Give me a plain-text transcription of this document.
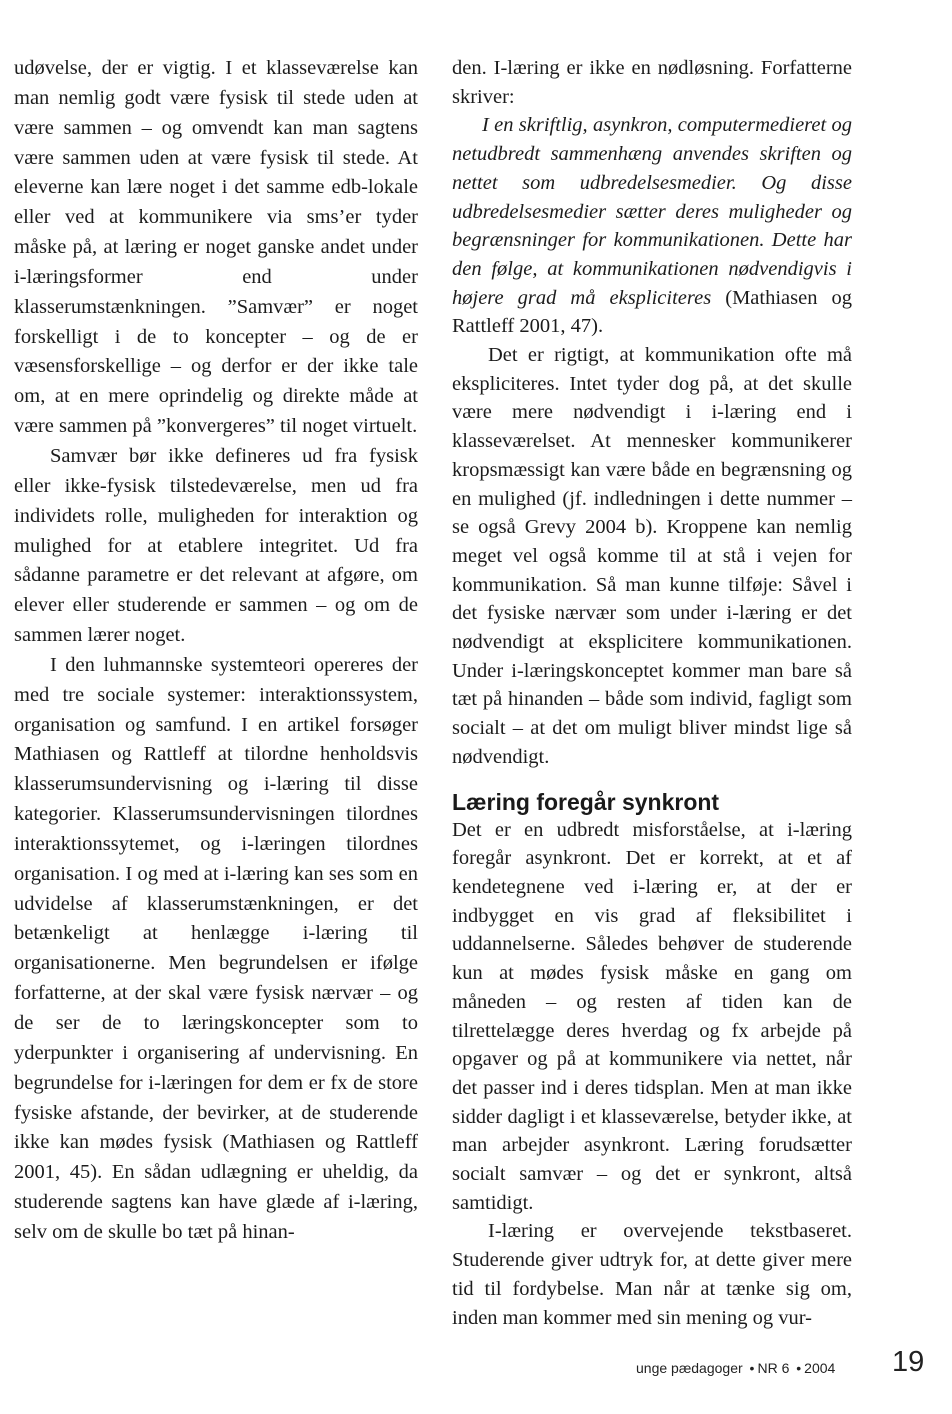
udøvelse, der er vigtig. I et klasseværelse kan man nemlig godt være fysisk til stede uden at være sammen – og omvendt kan man sagtens være sammen uden at være fysisk til stede. At eleverne kan lære noget i det samme edb-lokale eller ved at kommunikere via sms’er tyder måske på, at læring er noget ganske andet under i-læringsformer end under klasserumstænkningen. ”Samvær” er noget forskelligt i de to koncepter – og de er væsensforskellige – og derfor er der ikke tale om, at en mere oprindelig og direkte måde at være sammen på ”konvergeres” til noget virtuelt.

Samvær bør ikke defineres ud fra fysisk eller ikke-fysisk tilstedeværelse, men ud fra individets rolle, muligheden for interaktion og mulighed for at etablere integritet. Ud fra sådanne parametre er det relevant at afgøre, om elever eller studerende er sammen – og om de sammen lærer noget.

I den luhmannske systemteori opereres der med tre sociale systemer: interaktionssystem, organisation og samfund. I en artikel forsøger Mathiasen og Rattleff at tilordne henholdsvis klasserumsundervisning og i-læring til disse kategorier. Klasserumsundervisningen tilordnes interaktionssytemet, og i-læringen tilordnes organisation. I og med at i-læring kan ses som en udvidelse af klasserumstænkningen, er det betænkeligt at henlægge i-læring til organisationerne. Men begrundelsen er ifølge forfatterne, at der skal være fysisk nærvær – og de ser de to læringskoncepter som to yderpunkter i organisering af undervisning. En begrundelse for i-læringen for dem er fx de store fysiske afstande, der bevirker, at de studerende ikke kan mødes fysisk (Mathiasen og Rattleff 2001, 45). En sådan udlægning er uheldig, da studerende sagtens kan have glæde af i-læring, selv om de skulle bo tæt på hinan-

den. I-læring er ikke en nødløsning. Forfatterne skriver:

I en skriftlig, asynkron, computermedieret og netudbredt sammenhæng anvendes skriften og nettet som udbredelsesmedier. Og disse udbredelsesmedier sætter deres muligheder og begrænsninger for kommunikationen. Dette har den følge, at kommunikationen nødvendigvis i højere grad må ekspliciteres (Mathiasen og Rattleff 2001, 47).

Det er rigtigt, at kommunikation ofte må ekspliciteres. Intet tyder dog på, at det skulle være mere nødvendigt i i-læring end i klasseværelset. At mennesker kommunikerer kropsmæssigt kan være både en begrænsning og en mulighed (jf. indledningen i dette nummer – se også Grevy 2004 b). Kroppene kan nemlig meget vel også komme til at stå i vejen for kommunikation. Så man kunne tilføje: Såvel i det fysiske nærvær som under i-læring er det nødvendigt at eksplicitere kommunikationen. Under i-læringskonceptet kommer man bare så tæt på hinanden – både som individ, fagligt som socialt – at det om muligt bliver mindst lige så nødvendigt.

Læring foregår synkront

Det er en udbredt misforståelse, at i-læring foregår asynkront. Det er korrekt, at et af kendetegnene ved i-læring er, at der er indbygget en vis grad af fleksibilitet i uddannelserne. Således behøver de studerende kun at mødes fysisk måske en gang om måneden – og resten af tiden kan de tilrettelægge deres hverdag og fx arbejde på opgaver og på at kommunikere via nettet, når det passer ind i deres tidsplan. Men at man ikke sidder dagligt i et klasseværelse, betyder ikke, at man arbejder asynkront. Læring forudsætter socialt samvær – og det er synkront, altså samtidigt.

I-læring er overvejende tekstbaseret. Studerende giver udtryk for, at dette giver mere tid til fordybelse. Man når at tænke sig om, inden man kommer med sin mening og vur-

unge pædagoger • NR 6 • 2004 19
